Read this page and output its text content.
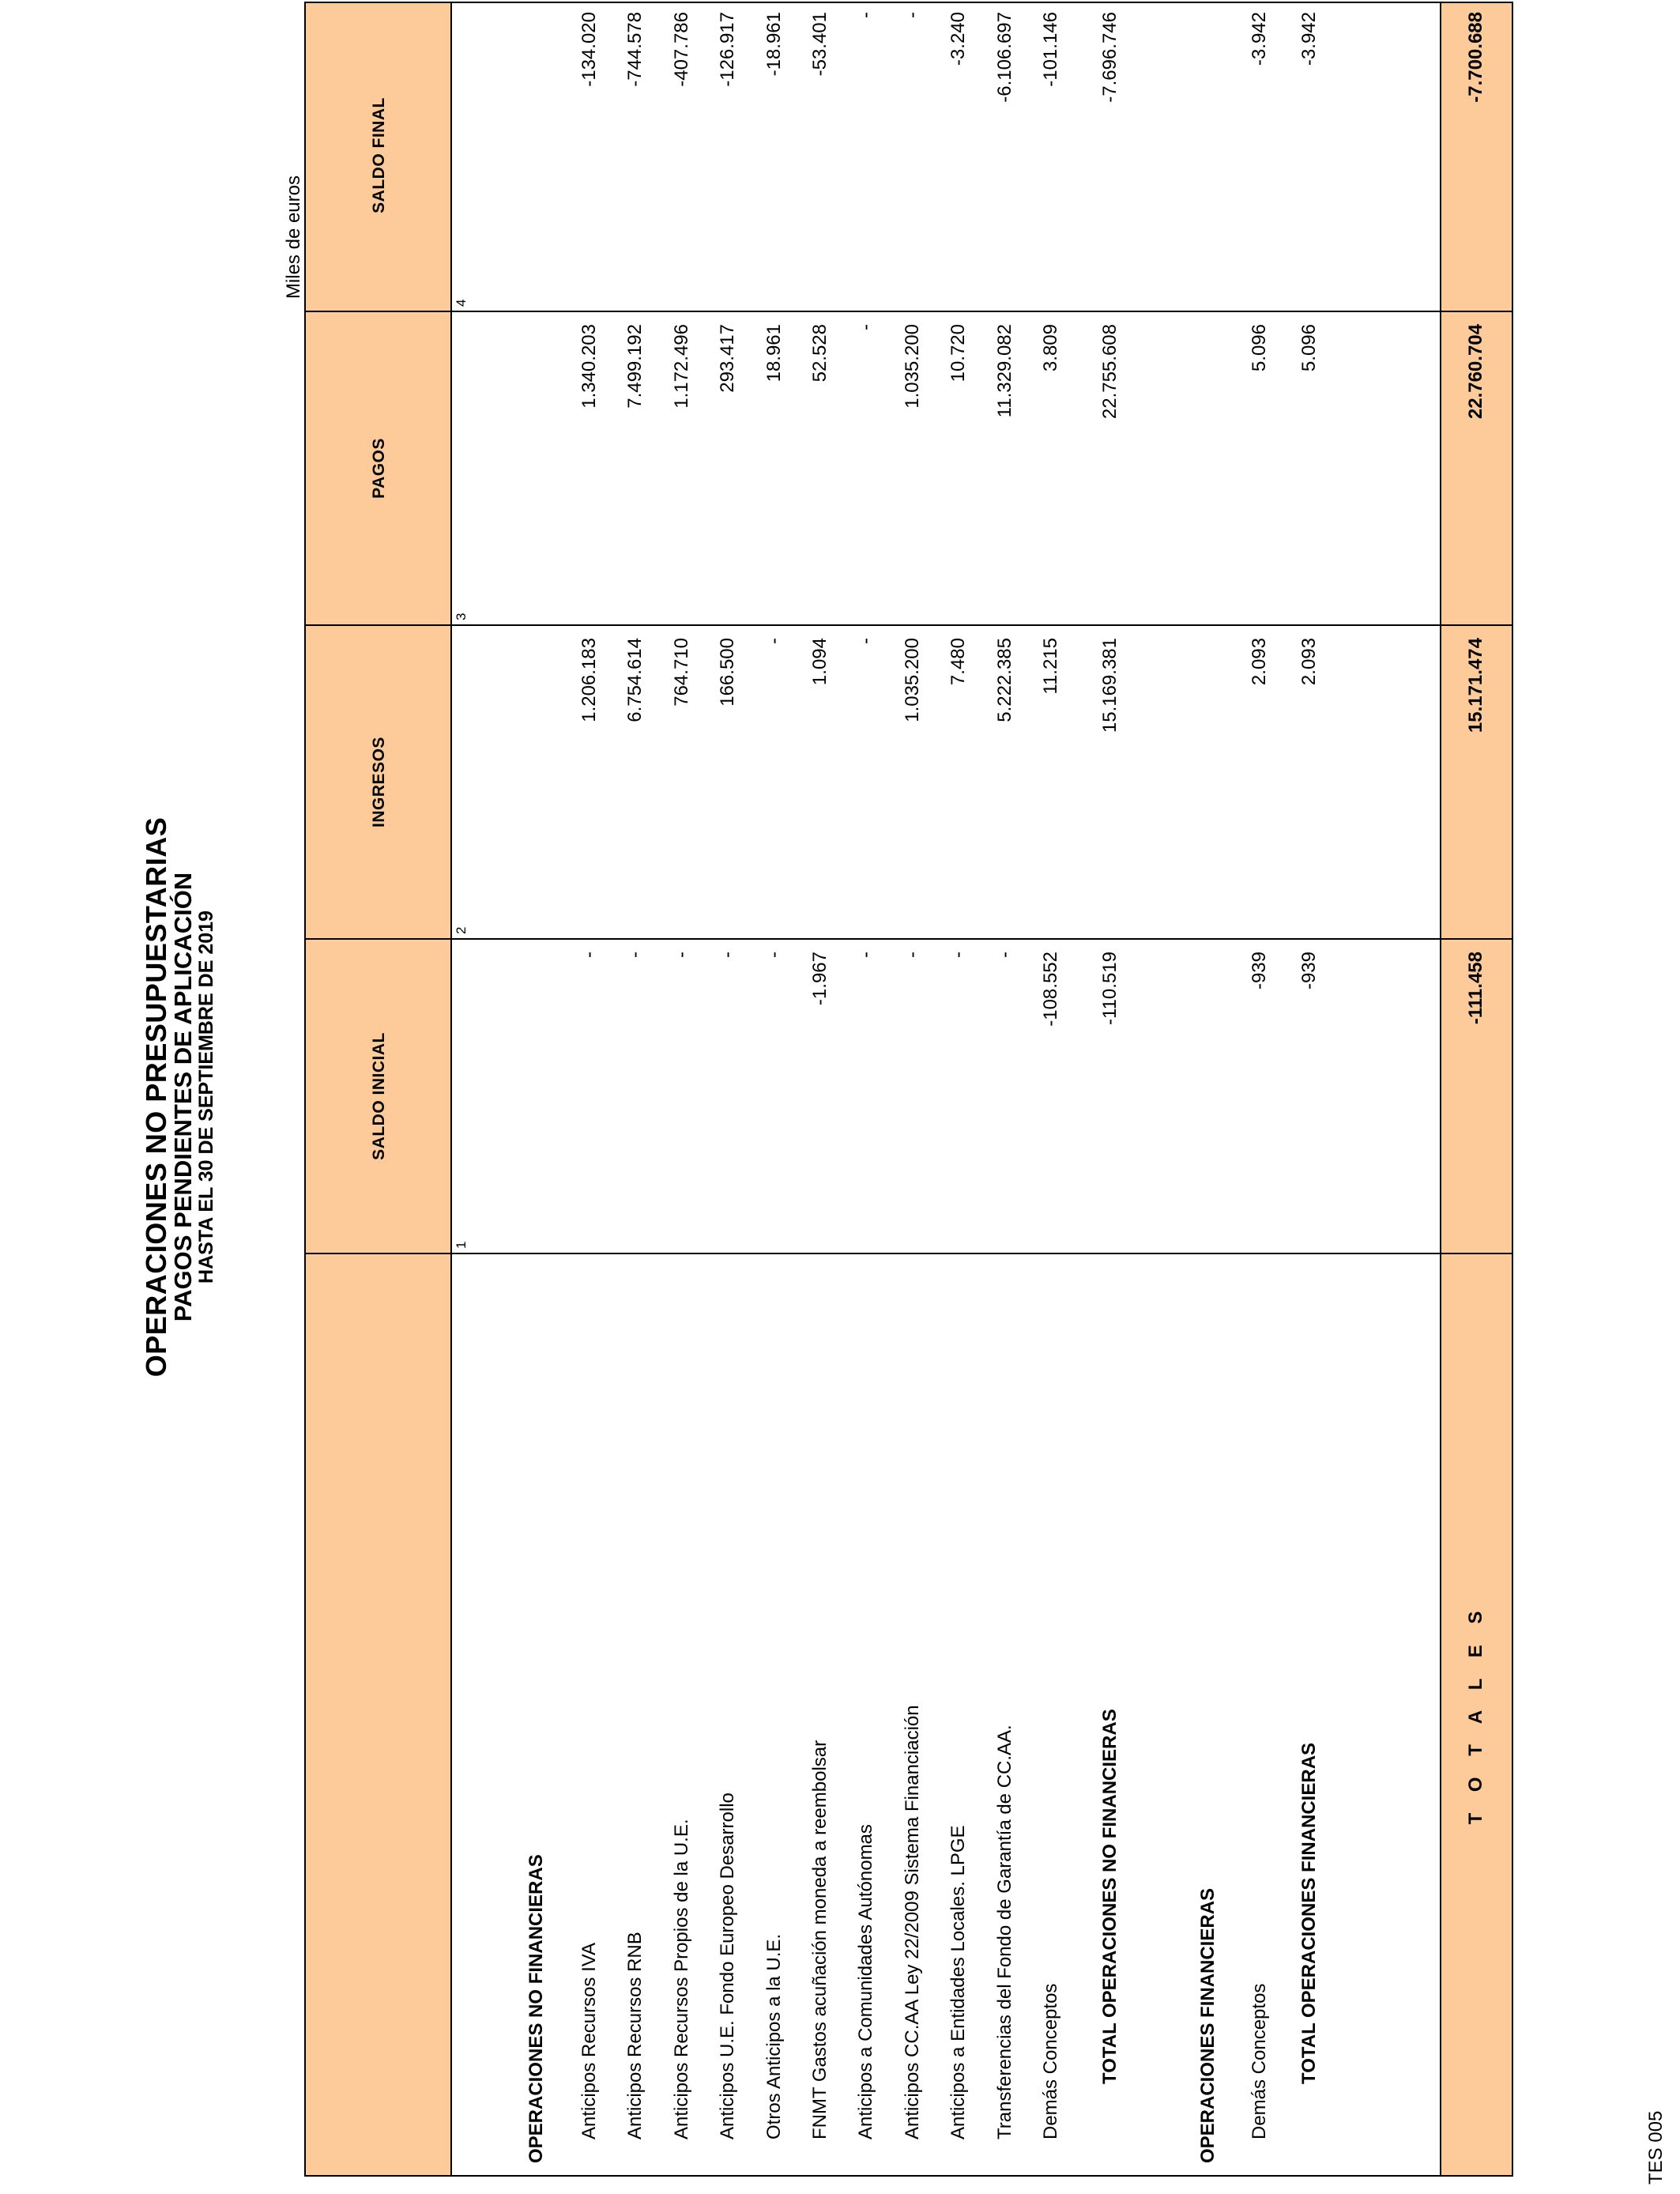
OPERACIONES NO PRESUPUESTARIAS
PAGOS PENDIENTES DE APLICACIÓN
HASTA EL 30 DE SEPTIEMBRE DE 2019
Miles de euros
SALDO INICIAL
INGRESOS
PAGOS
SALDO FINAL
1
2
3
4
OPERACIONES NO FINANCIERAS Anticipos Recursos IVA
-
1.206.183
1.340.203
-134.020
Anticipos Recursos RNB
-
6.754.614
7.499.192
-744.578
Anticipos Recursos Propios de la U.E.
-
764.710
1.172.496
-407.786
Anticipos U.E. Fondo Europeo Desarrollo
-
166.500
293.417
-126.917
Otros Anticipos a la U.E.
-
-
18.961
-18.961
FNMT Gastos acuñación moneda a reembolsar
-1.967
1.094
52.528
-53.401
Anticipos a Comunidades Autónomas
-
-
-
-
Anticipos CC.AA Ley 22/2009 Sistema Financiación
-
1.035.200
1.035.200
-
Anticipos a Entidades Locales. LPGE
-
7.480
10.720
-3.240
Transferencias del Fondo de Garantía de CC.AA.
-
5.222.385
11.329.082
-6.106.697
Demás Conceptos
-108.552
11.215
3.809
-101.146
TOTAL OPERACIONES NO FINANCIERAS
-110.519
15.169.381
22.755.608
-7.696.746
OPERACIONES FINANCIERAS Demás Conceptos
-939
2.093
5.096
-3.942
TOTAL OPERACIONES FINANCIERAS
-939
2.093
5.096
-3.942
T O T A L E S
-111.458
15.171.474
22.760.704
-7.700.688
TES 005
